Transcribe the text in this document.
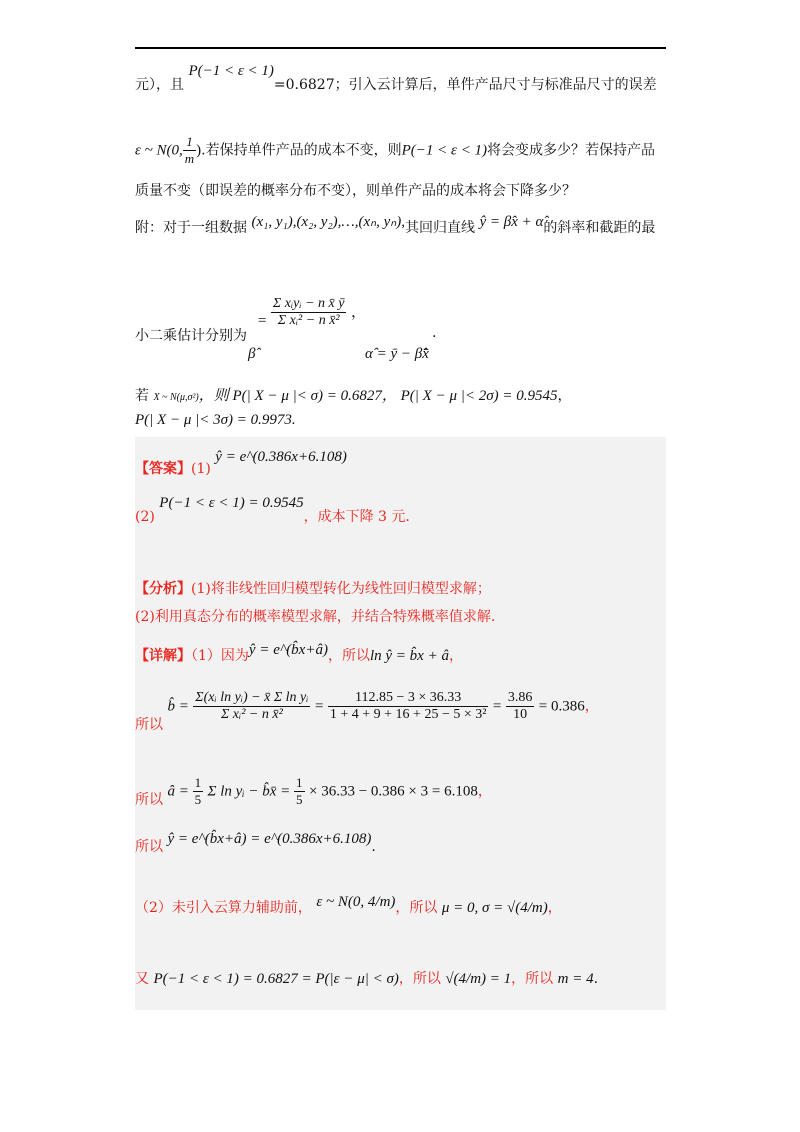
元），且 P(−1 < ε < 1)=0.6827；引入云计算后，单件产品尺寸与标准品尺寸的误差
ε ~ N(0, $\frac{1}{m}$ ).若保持单件产品的成本不变，则P(−1 < ε < 1)将会变成多少？若保持产品
质量不变（即误差的概率分布不变），则单件产品的成本将会下降多少？
附：对于一组数据 (x₁, y₁),(x₂, y₂),…,(xₙ, yₙ),其回归直线 ŷ = β̂x + α̂的斜率和截距的最
小二乘估计分别为
= $\frac{\text{Σ xᵢyᵢ − n x̄ ȳ}}{\text{Σ xᵢ² − n x̄²}}$ ，
β̂	α̂ = ȳ − β̂x̄
.
若 X ~ N(μ,σ²)，则 P(| X − μ |< σ) = 0.6827， P(| X − μ |< 2σ) = 0.9545，
P(| X − μ |< 3σ) = 0.9973.
【答案】(1) ŷ = e^(0.386x+6.108)
(2) P(−1 < ε < 1) = 0.9545，成本下降 3 元.
【分析】(1)将非线性回归模型转化为线性回归模型求解；
(2)利用真态分布的概率模型求解，并结合特殊概率值求解.
【详解】（1）因为ŷ = e^(b̂x+â)，所以ln ŷ = b̂x + â，
所以 b̂ = $\frac{\text{Σ(xᵢ ln yᵢ) − x̄ Σ ln yᵢ}}{\text{Σ xᵢ² − n x̄²}} = \frac{112.85 - 3 \times 36.33}{\text{1 + 4 + 9 + 16 + 25 − 5 × 3²}} = \frac{3.86}{10} = 0.386$，
所以 â = $\frac{1}{5}$ Σ ln yᵢ − b̂x̄ = $\frac{1}{5} \times 36.33 - 0.386 \times 3 = 6.108$，
所以 ŷ = e^(b̂x+â) = e^(0.386x+6.108).
（2）未引入云算力辅助前， ε ~ N(0, 4/m)，所以 μ = 0, σ = √(4/m)，
又 P(−1 < ε < 1) = 0.6827 = P(|ε − μ| < σ)，所以 √(4/m) = 1，所以 m = 4.
